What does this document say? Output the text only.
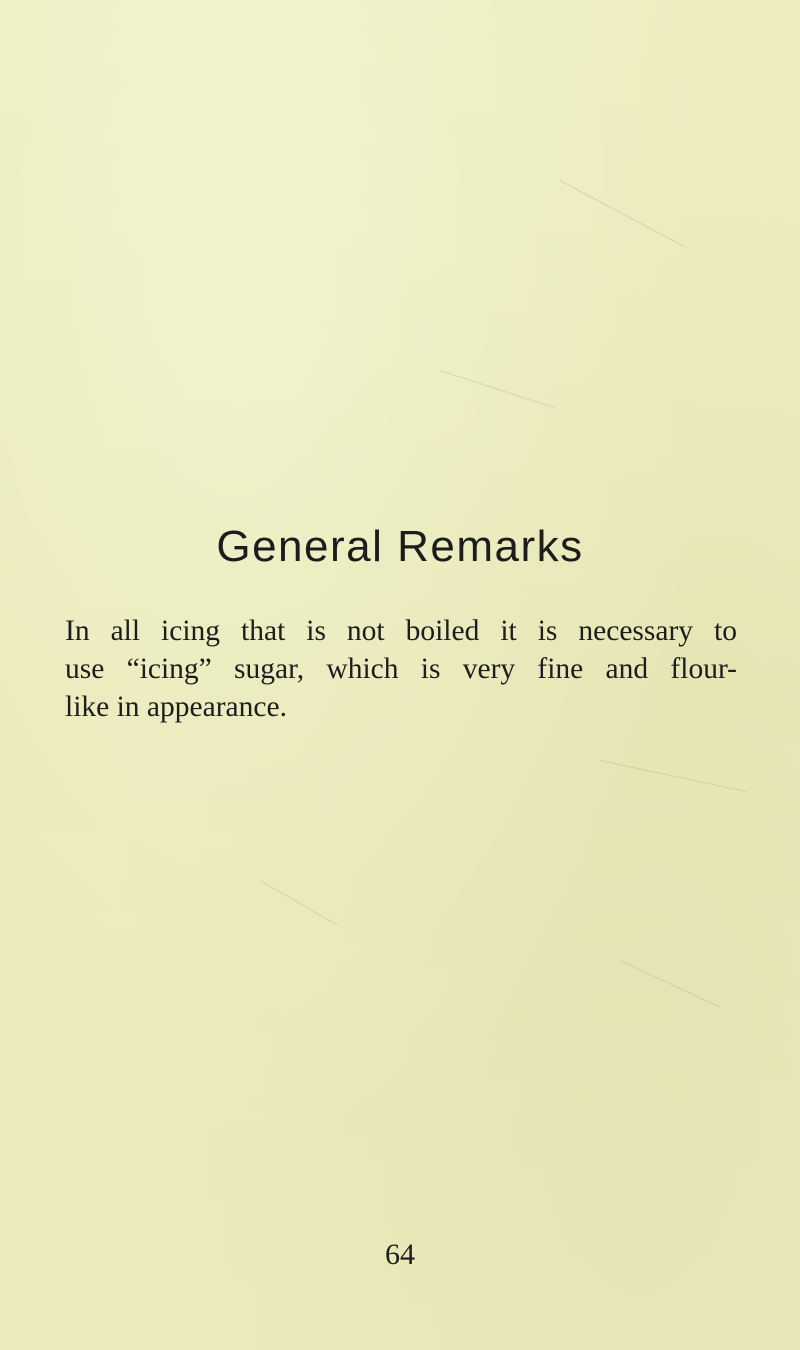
General Remarks

In all icing that is not boiled it is necessary to
use “icing” sugar, which is very fine and flour-
like in appearance.

64
